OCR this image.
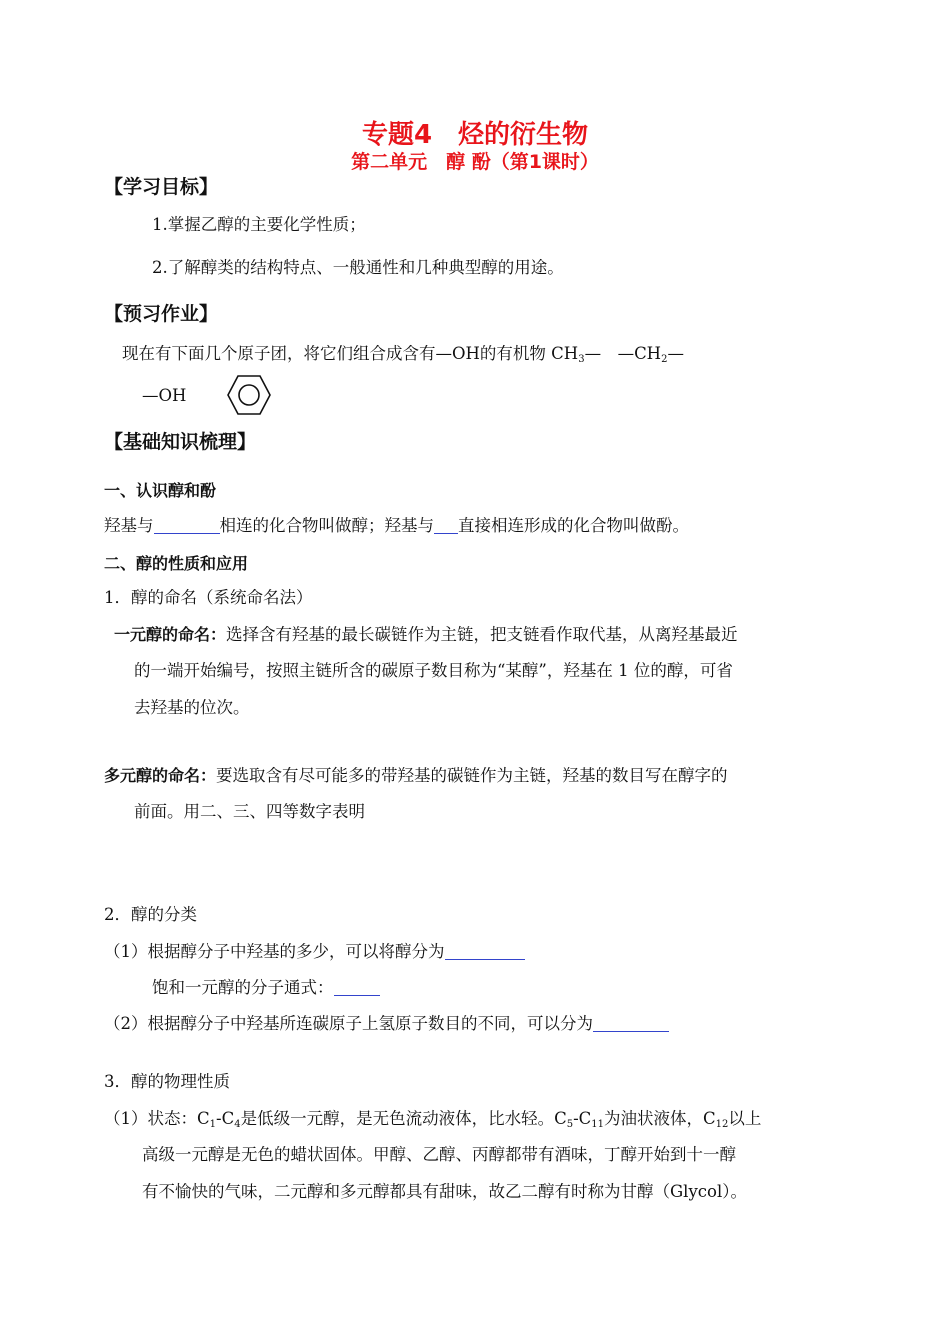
专题4　烃的衍生物
第二单元　醇 酚（第1课时）
【学习目标】
1.掌握乙醇的主要化学性质；
2.了解醇类的结构特点、一般通性和几种典型醇的用途。
【预习作业】
现在有下面几个原子团，将它们组合成含有—OH的有机物 $CH_3—$　$—CH_2—$
—OH
【基础知识梳理】
一、认识醇和酚
羟基与	相连的化合物叫做醇；羟基与 直接相连形成的化合物叫做酚。
二、醇的性质和应用
1．醇的命名（系统命名法）
一元醇的命名：选择含有羟基的最长碳链作为主链，把支链看作取代基，从离羟基最近
的一端开始编号，按照主链所含的碳原子数目称为“某醇”，羟基在 1 位的醇，可省
去羟基的位次。
多元醇的命名：要选取含有尽可能多的带羟基的碳链作为主链，羟基的数目写在醇字的
前面。用二、三、四等数字表明
2．醇的分类
（1）根据醇分子中羟基的多少，可以将醇分为
饱和一元醇的分子通式：
（2）根据醇分子中羟基所连碳原子上氢原子数目的不同，可以分为
3．醇的物理性质
（1）状态：$C_1-C_4$是低级一元醇，是无色流动液体，比水轻。$C_5-C_{11}$为油状液体，$C_{12}$以上
高级一元醇是无色的蜡状固体。甲醇、乙醇、丙醇都带有酒味，丁醇开始到十一醇
有不愉快的气味，二元醇和多元醇都具有甜味，故乙二醇有时称为甘醇（Glycol）。
